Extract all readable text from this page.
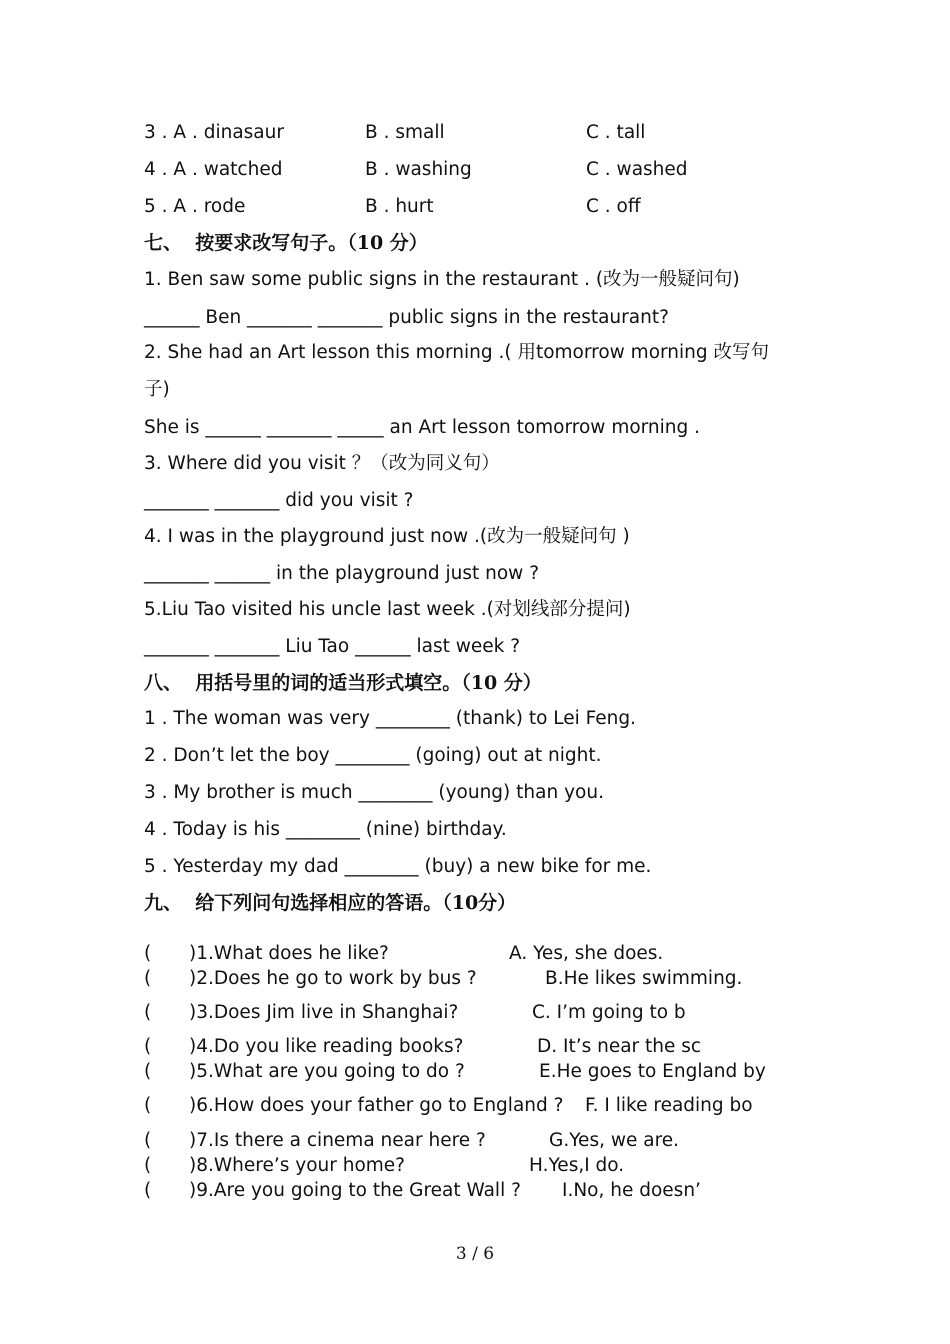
3 . A . dinasaur	B . small	C . tall
4 . A . watched	B . washing	C . washed
5 . A . rode	B . hurt	C . off
七、  按要求改写句子。（10 分）
1. Ben saw some public signs in the restaurant . (改为一般疑问句)
______ Ben _______ _______ public signs in the restaurant?
2. She had an Art lesson this morning .( 用tomorrow morning 改写句
子)
She is ______ _______ _____ an Art lesson tomorrow morning .
3. Where did you visit ？（改为同义句）
_______ _______ did you visit ?
4. I was in the playground just now .(改为一般疑问句 )
_______ ______ in the playground just now ?
5.Liu Tao visited his uncle last week .(对划线部分提问)
_______ _______ Liu Tao ______ last week ?
八、  用括号里的词的适当形式填空。（10 分）
1 . The woman was very ________ (thank) to Lei Feng.
2 . Don’t let the boy ________ (going) out at night.
3 . My brother is much ________ (young) than you.
4 . Today is his ________ (nine) birthday.
5 . Yesterday my dad ________ (buy) a new bike for me.
九、  给下列问句选择相应的答语。（10分）
( )1.What does he like?	A. Yes, she does.
( )2.Does he go to work by bus ?	B.He likes swimming.
( )3.Does Jim live in Shanghai?	C. I’m going to b
( )4.Do you like reading books?	D. It’s near the sc
( )5.What are you going to do ?	E.He goes to England by
( )6.How does your father go to England ? F. I like reading bo
( )7.Is there a cinema near here ?	G.Yes, we are.
( )8.Where’s your home?	H.Yes,I do.
( )9.Are you going to the Great Wall ? I.No, he doesn’
3 / 6
